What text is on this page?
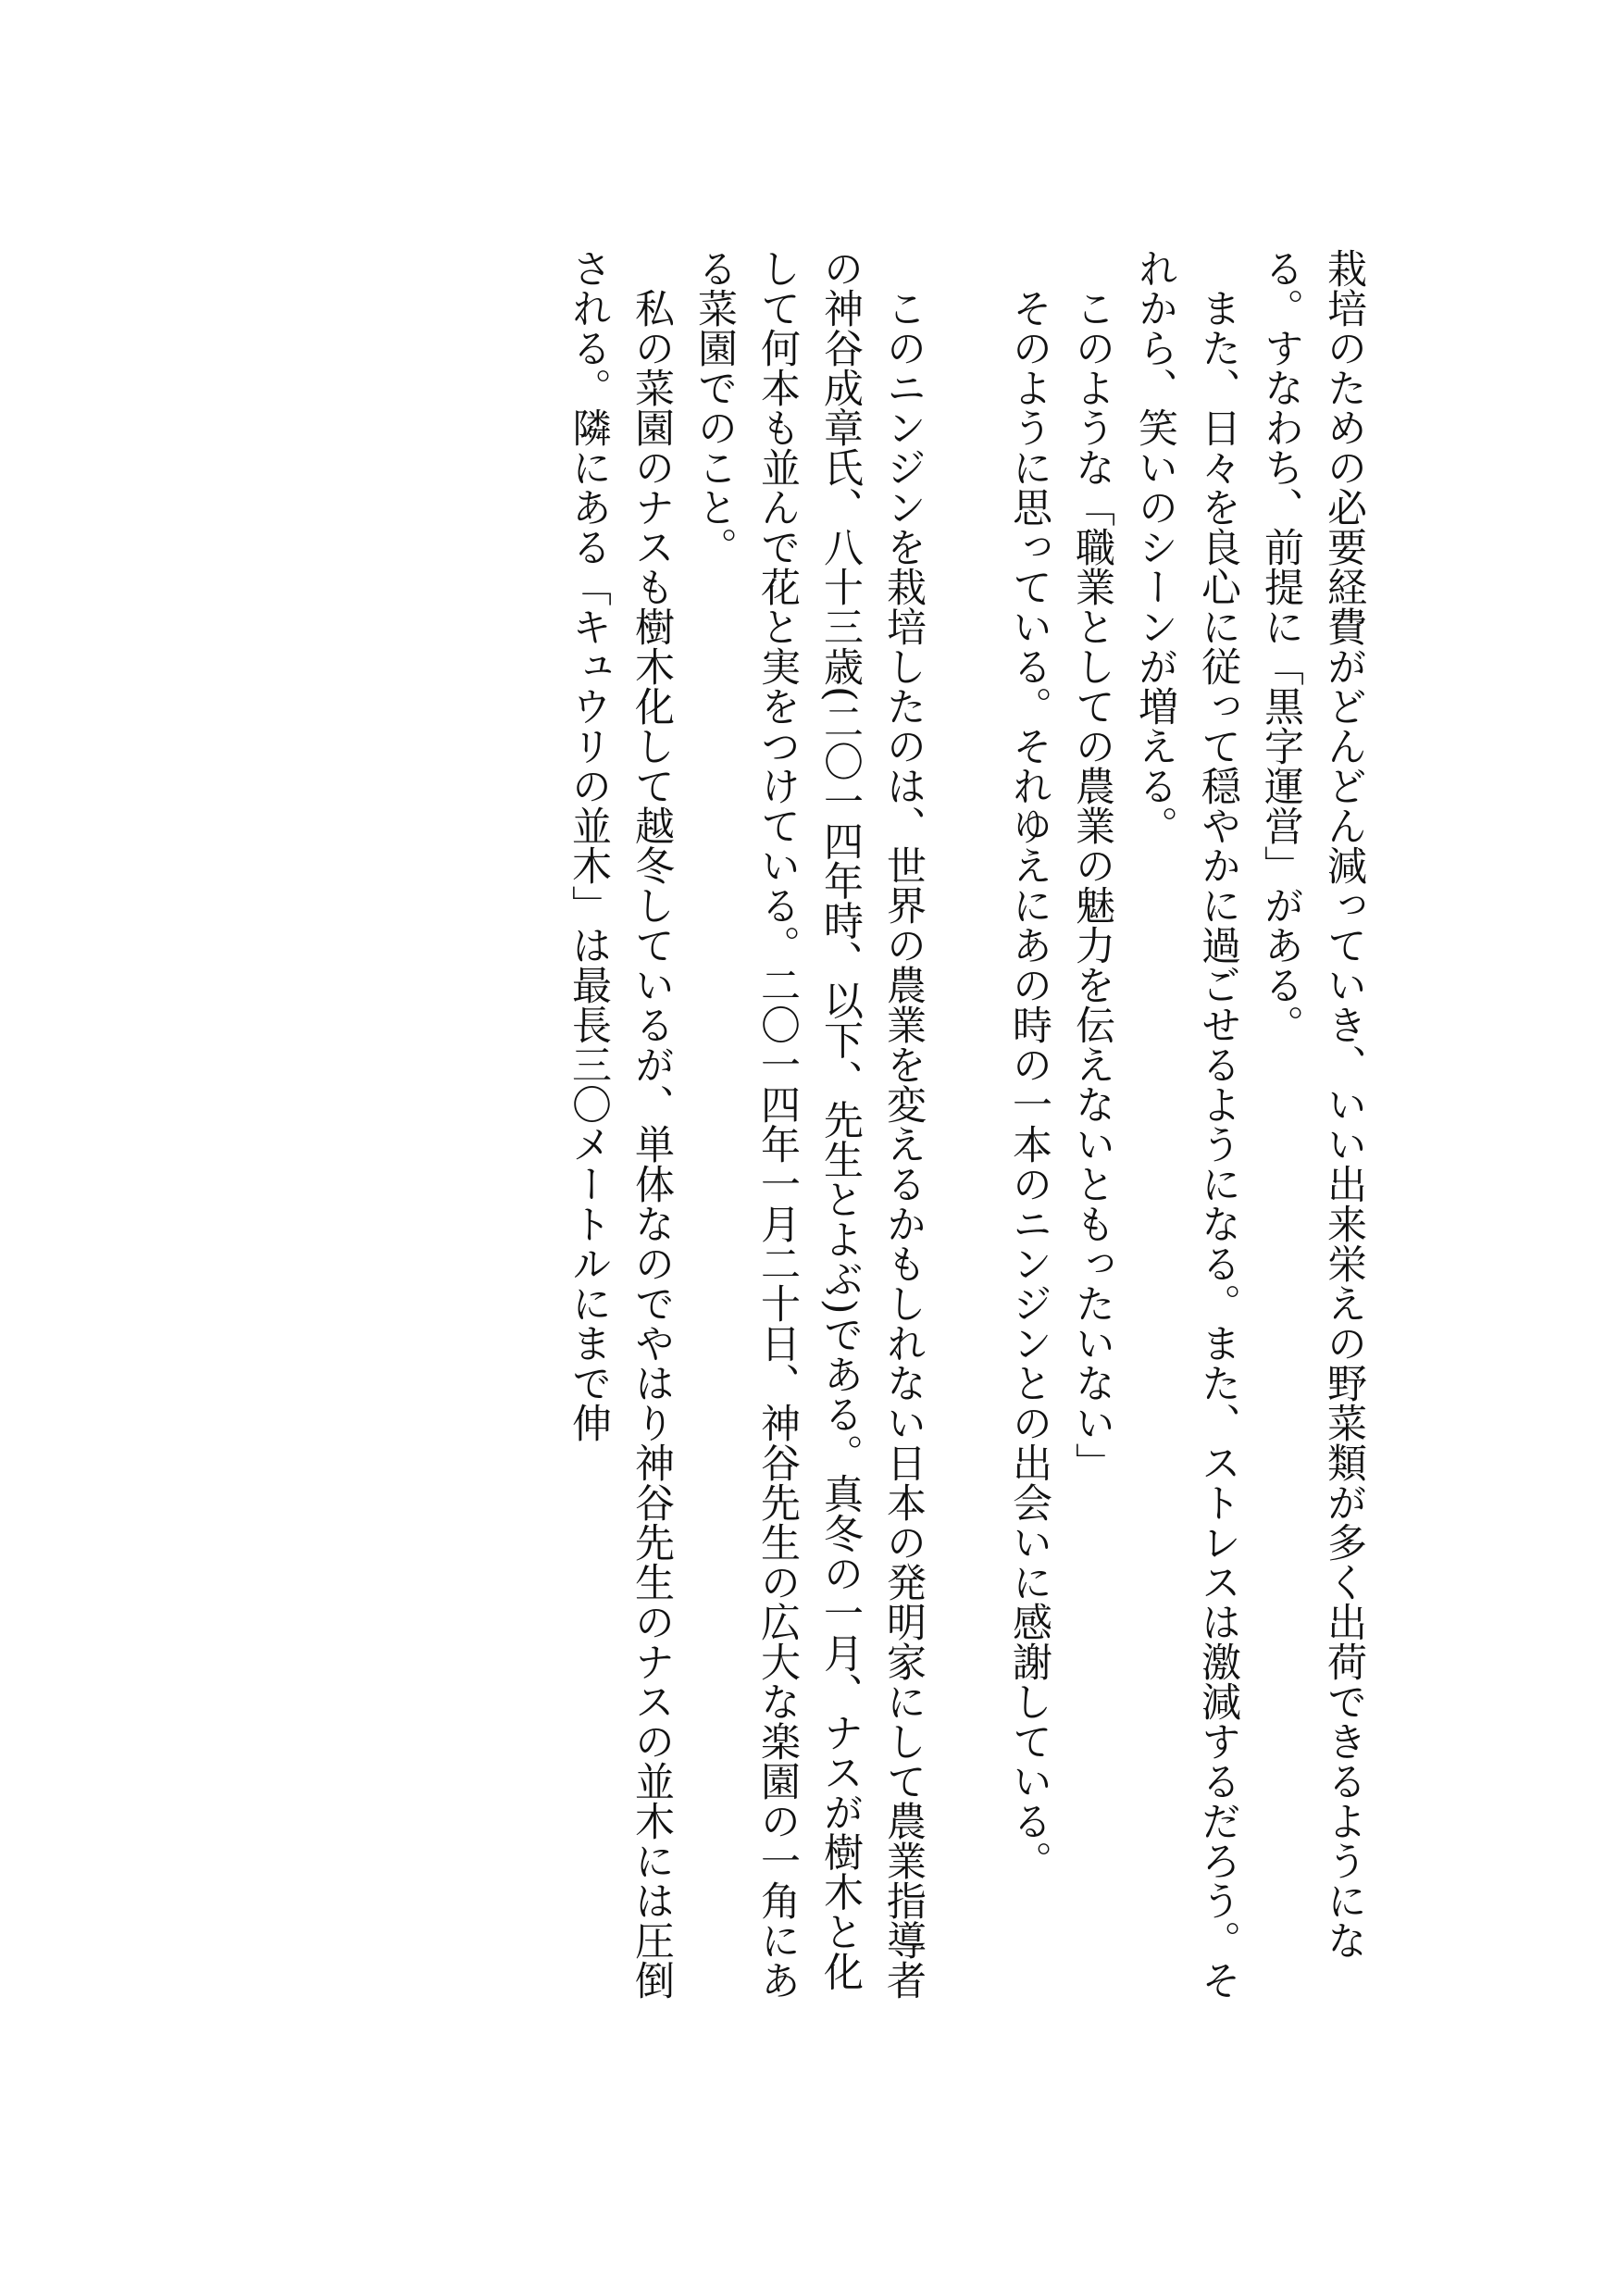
栽培のための必要経費がどんどん減っていき、いい出来栄えの野菜類が多く出荷できるようになる。すなわち、前提に「黒字運営」がある。

　また、日々を良心に従って穏やかに過ごせるようになる。また、ストレスは激減するだろう。それから、笑いのシーンが増える。

　このような「職業としての農業の魅力を伝えないともったいない」

　そのように思っている。それゆえにあの時の一本のニンジンとの出会いに感謝している。

　このニンジンを栽培したのは、世界の農業を変えるかもしれない日本の発明家にして農業指導者の神谷成章氏、八十三歳(二〇一四年時、以下、先生とよぶ)である。真冬の一月、ナスが樹木と化して何本も並んで花と実をつけている。二〇一四年一月二十日、神谷先生の広大な楽園の一角にある菜園でのこと。

　私の菜園のナスも樹木化して越冬しているが、単体なのでやはり神谷先生のナスの並木には圧倒される。隣にある「キュウリの並木」は最長三〇メートルにまで伸
